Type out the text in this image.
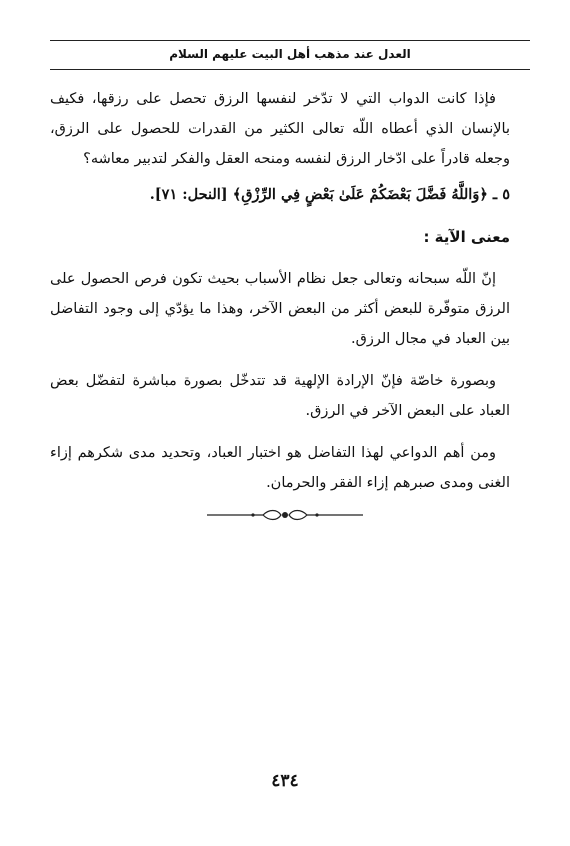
العدل عند مذهب أهل البيت عليهم السلام

فإذا كانت الدواب التي لا تدّخر لنفسها الرزق تحصل على رزقها، فكيف بالإنسان الذي أعطاه اللّه تعالى الكثير من القدرات للحصول على الرزق، وجعله قادراً على ادّخار الرزق لنفسه ومنحه العقل والفكر لتدبير معاشه؟

٥ ـ ﴿وَاللَّهُ فَضَّلَ بَعْضَكُمْ عَلَىٰ بَعْضٍ فِي الرِّزْقِ﴾ [النحل: ٧١].

معنى الآية :

إنّ اللّه سبحانه وتعالى جعل نظام الأسباب بحيث تكون فرص الحصول على الرزق متوفّرة للبعض أكثر من البعض الآخر، وهذا ما يؤدّي إلى وجود التفاضل بين العباد في مجال الرزق.

وبصورة خاصّة فإنّ الإرادة الإلهية قد تتدخّل بصورة مباشرة لتفضّل بعض العباد على البعض الآخر في الرزق.

ومن أهم الدواعي لهذا التفاضل هو اختبار العباد، وتحديد مدى شكرهم إزاء الغنى ومدى صبرهم إزاء الفقر والحرمان.

٤٣٤
